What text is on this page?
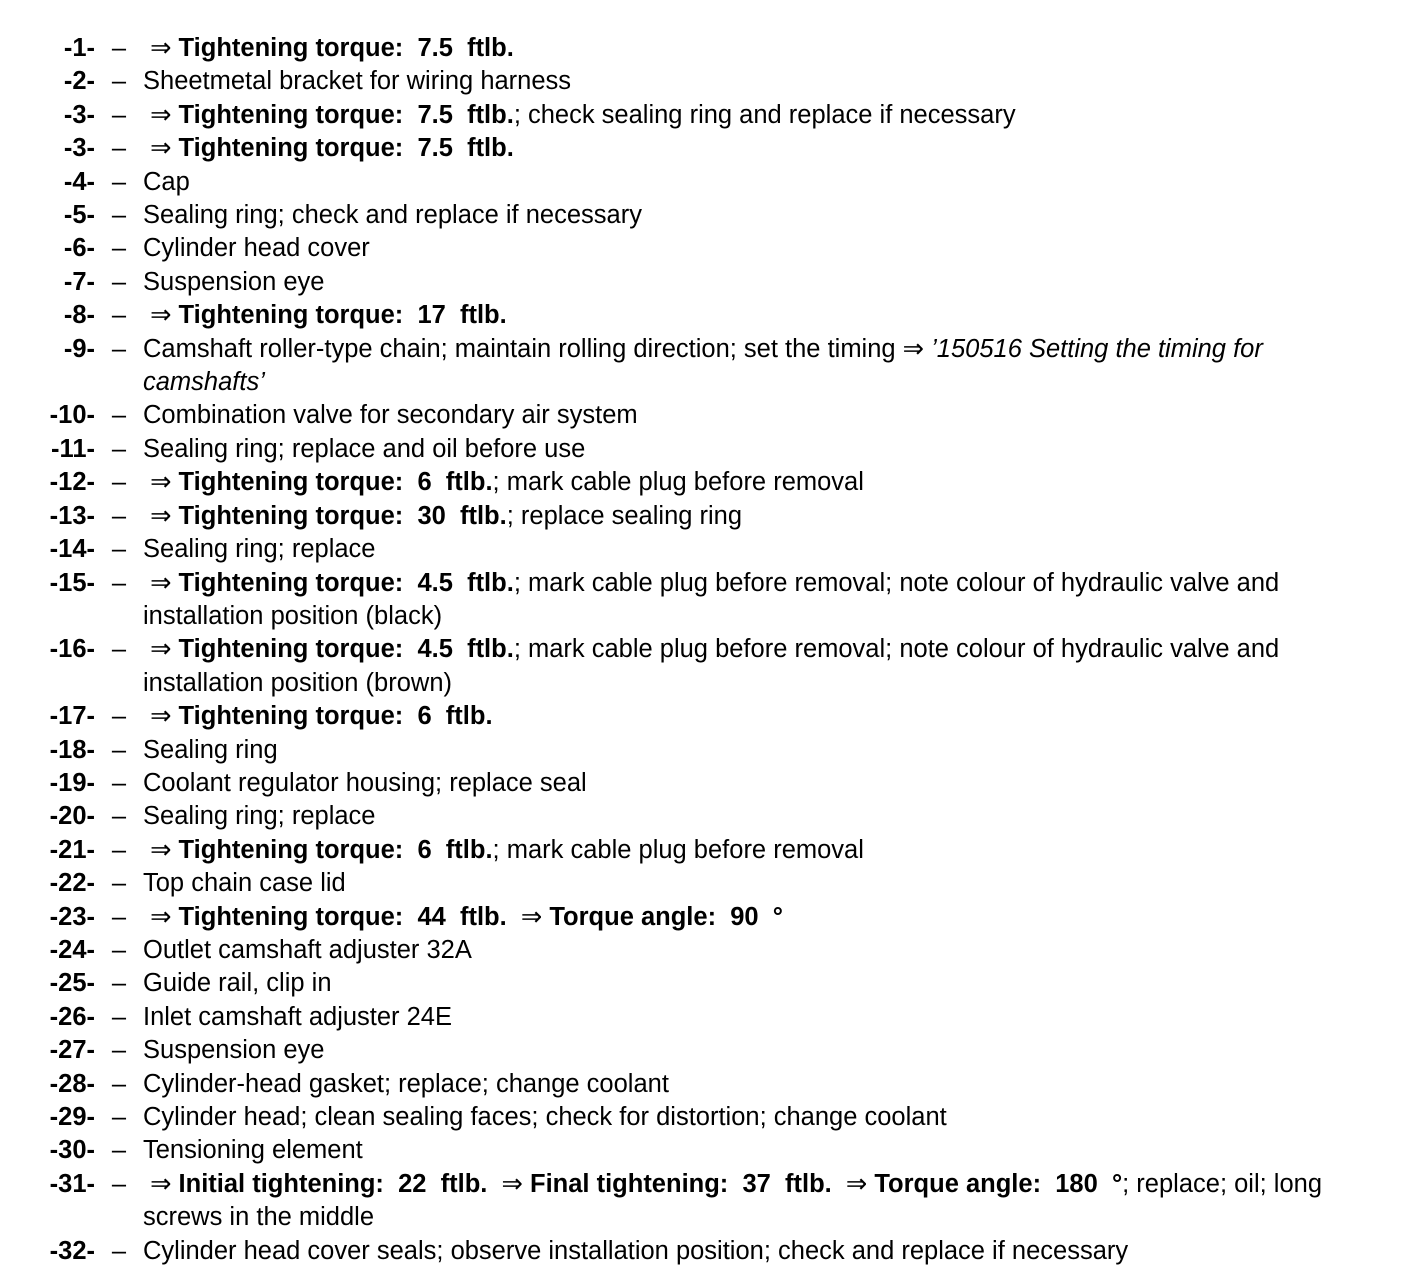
-1- – ⇒ Tightening torque:  7.5  ftlb.
-2- – Sheetmetal bracket for wiring harness
-3- – ⇒ Tightening torque:  7.5  ftlb.; check sealing ring and replace if necessary
-3- – ⇒ Tightening torque:  7.5  ftlb.
-4- – Cap
-5- – Sealing ring; check and replace if necessary
-6- – Cylinder head cover
-7- – Suspension eye
-8- – ⇒ Tightening torque:  17  ftlb.
-9- – Camshaft roller-type chain; maintain rolling direction; set the timing ⇒ ’150516 Setting the timing for camshafts’
-10- – Combination valve for secondary air system
-11- – Sealing ring; replace and oil before use
-12- – ⇒ Tightening torque:  6  ftlb.; mark cable plug before removal
-13- – ⇒ Tightening torque:  30  ftlb.; replace sealing ring
-14- – Sealing ring; replace
-15- – ⇒ Tightening torque:  4.5  ftlb.; mark cable plug before removal; note colour of hydraulic valve and installation position (black)
-16- – ⇒ Tightening torque:  4.5  ftlb.; mark cable plug before removal; note colour of hydraulic valve and installation position (brown)
-17- – ⇒ Tightening torque:  6  ftlb.
-18- – Sealing ring
-19- – Coolant regulator housing; replace seal
-20- – Sealing ring; replace
-21- – ⇒ Tightening torque:  6  ftlb.; mark cable plug before removal
-22- – Top chain case lid
-23- – ⇒ Tightening torque:  44  ftlb.  ⇒ Torque angle:  90  °
-24- – Outlet camshaft adjuster 32A
-25- – Guide rail, clip in
-26- – Inlet camshaft adjuster 24E
-27- – Suspension eye
-28- – Cylinder-head gasket; replace; change coolant
-29- – Cylinder head; clean sealing faces; check for distortion; change coolant
-30- – Tensioning element
-31- – ⇒ Initial tightening:  22  ftlb.  ⇒ Final tightening:  37  ftlb.  ⇒ Torque angle:  180  °; replace; oil; long screws in the middle
-32- – Cylinder head cover seals; observe installation position; check and replace if necessary
